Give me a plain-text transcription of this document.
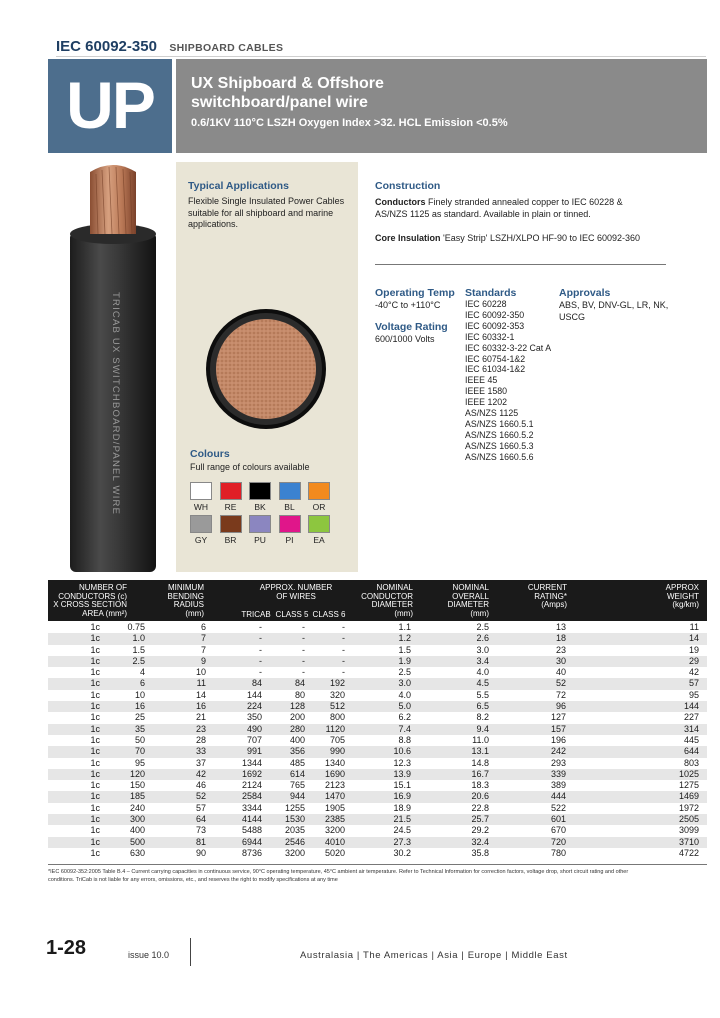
IEC 60092-350 SHIPBOARD CABLES
UP	UX Shipboard & Offshore
switchboard/panel wire
0.6/1KV 110°C LSZH Oxygen Index >32. HCL Emission <0.5%
TRICAB UX SWITCHBOARD/PANEL WIRE
Typical Applications
Flexible Single Insulated Power Cables suitable for all shipboard and marine applications.
Colours
Full range of colours available
WH	RE	BK	BL	OR
GY	BR	PU	PI	EA
Construction
Conductors Finely stranded annealed copper to IEC 60228 & AS/NZS 1125 as standard. Available in plain or tinned.
Core Insulation 'Easy Strip' LSZH/XLPO HF-90 to IEC 60092-360
Operating Temp
-40°C to +110°C
Voltage Rating
600/1000 Volts
Standards
IEC 60228
IEC 60092-350
IEC 60092-353
IEC 60332-1
IEC 60332-3-22 Cat A
IEC 60754-1&2
IEC 61034-1&2
IEEE 45
IEEE 1580
IEEE 1202
AS/NZS 1125
AS/NZS 1660.5.1
AS/NZS 1660.5.2
AS/NZS 1660.5.3
AS/NZS 1660.5.6
Approvals
ABS, BV, DNV-GL, LR, NK, USCG
NUMBER OF
CONDUCTORS (c)
X CROSS SECTION
AREA (mm²)
MINIMUM
BENDING
RADIUS
(mm)
APPROX. NUMBER
OF WIRES
TRICAB CLASS 5 CLASS 6
NOMINAL
CONDUCTOR
DIAMETER
(mm)
NOMINAL
OVERALL
DIAMETER
(mm)
CURRENT
RATING*
(Amps)
APPROX
WEIGHT
(kg/km)
1c	0.75	6	-	-	-	1.1	2.5	13	11
1c	1.0	7	-	-	-	1.2	2.6	18	14
1c	1.5	7	-	-	-	1.5	3.0	23	19
1c	2.5	9	-	-	-	1.9	3.4	30	29
1c	4	10	-	-	-	2.5	4.0	40	42
1c	6	11	84	84	192	3.0	4.5	52	57
1c	10	14	144	80	320	4.0	5.5	72	95
1c	16	16	224	128	512	5.0	6.5	96	144
1c	25	21	350	200	800	6.2	8.2	127	227
1c	35	23	490	280 1120	7.4	9.4	157	314
1c	50	28	707	400	705	8.8	11.0	196	445
1c	70	33	991	356	990	10.6	13.1	242	644
1c	95	37	1344	485 1340	12.3	14.8	293	803
1c	120	42	1692	614 1690	13.9	16.7	339	1025
1c	150	46	2124	765 2123	15.1	18.3	389	1275
1c	185	52	2584	944 1470	16.9	20.6	444	1469
1c	240	57	3344	1255 1905	18.9	22.8	522	1972
1c	300	64	4144	1530 2385	21.5	25.7	601	2505
1c	400	73	5488	2035 3200	24.5	29.2	670	3099
1c	500	81	6944	2546 4010	27.3	32.4	720	3710
1c	630	90	8736	3200 5020	30.2	35.8	780	4722
*IEC 60092-352:2005 Table B.4 – Current carrying capacities in continuous service, 90°C operating temperature, 45°C ambient air temperature. Refer to Technical Information for correction factors, voltage drop, short circuit rating and other
conditions. TriCab is not liable for any errors, omissions, etc., and reserves the right to modify specifications at any time
1-28	issue 10.0	Australasia | The Americas | Asia | Europe | Middle East
